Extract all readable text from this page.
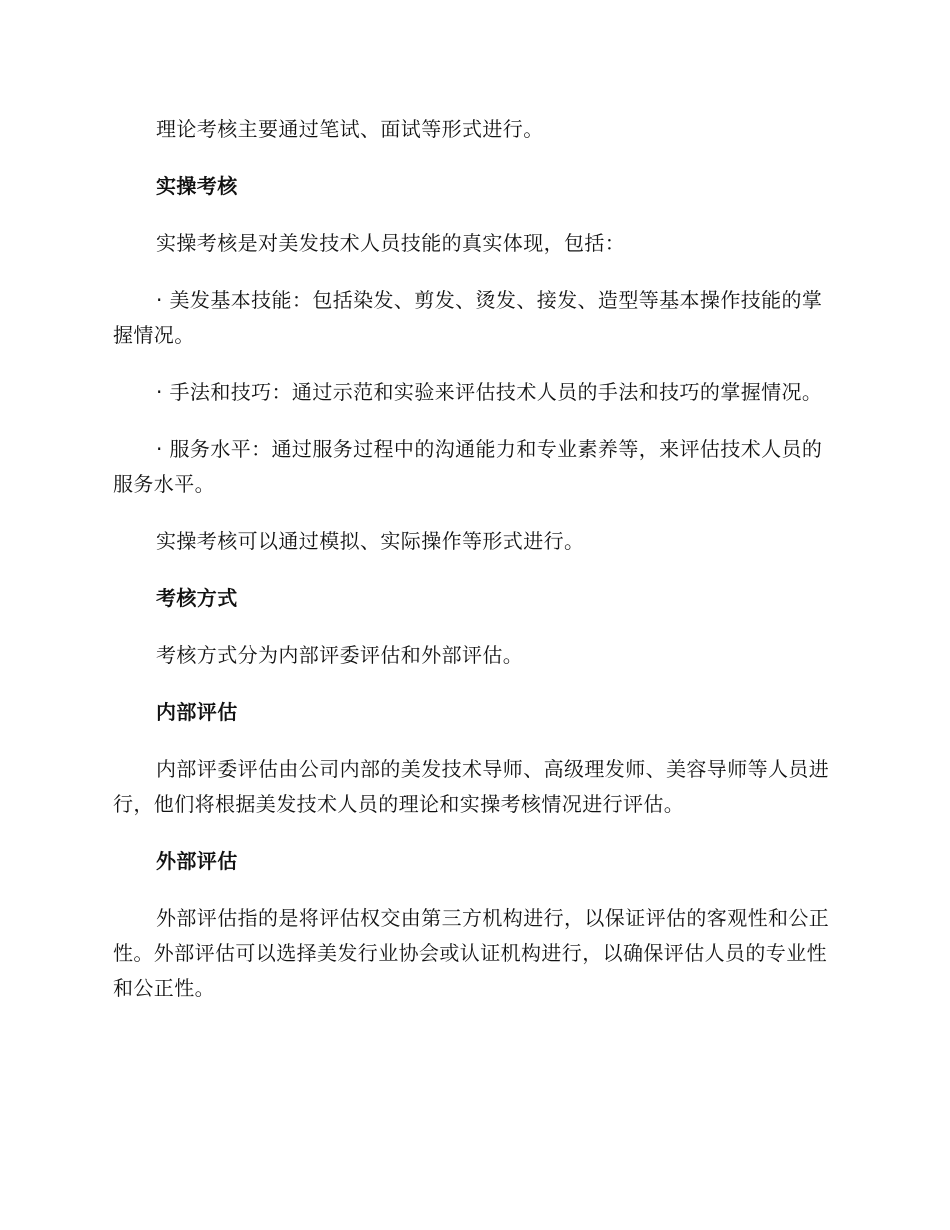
理论考核主要通过笔试、面试等形式进行。

实操考核

实操考核是对美发技术人员技能的真实体现，包括：

· 美发基本技能：包括染发、剪发、烫发、接发、造型等基本操作技能的掌握情况。

· 手法和技巧：通过示范和实验来评估技术人员的手法和技巧的掌握情况。

· 服务水平：通过服务过程中的沟通能力和专业素养等，来评估技术人员的服务水平。

实操考核可以通过模拟、实际操作等形式进行。

考核方式

考核方式分为内部评委评估和外部评估。

内部评估

内部评委评估由公司内部的美发技术导师、高级理发师、美容导师等人员进行，他们将根据美发技术人员的理论和实操考核情况进行评估。

外部评估

外部评估指的是将评估权交由第三方机构进行，以保证评估的客观性和公正性。外部评估可以选择美发行业协会或认证机构进行，以确保评估人员的专业性和公正性。
